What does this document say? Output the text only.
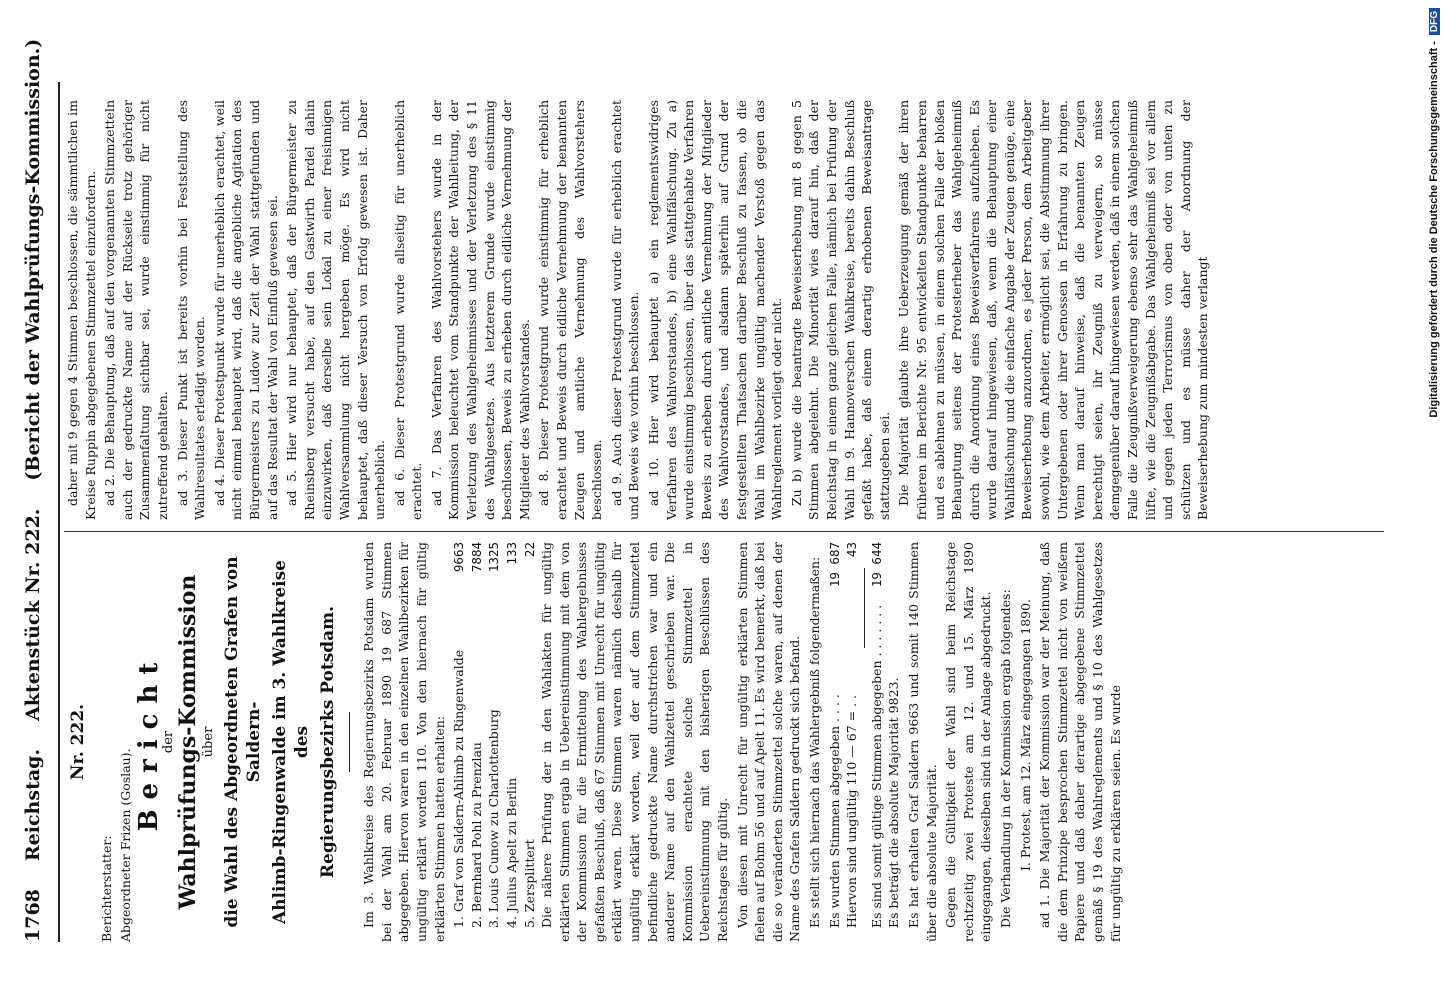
1768
Reichstag.
Aktenstück Nr. 222.
(Bericht der Wahlprüfungs-Kommission.)
Nr. 222.
Berichterstatter: Abgeordneter Frizen (Goslau).
Bericht
der
Wahlprüfungs-Kommission über die Wahl des Abgeordneten Grafen von Saldern- Ahlimb-Ringenwalde im 3. Wahlkreise des Regierungsbezirks Potsdam. Im 3. Wahlkreise des Regierungsbezirks Potsdam wurden bei der Wahl am 20. Februar 1890 19 687 Stimmen abgegeben. Hiervon waren in den einzelnen Wahlbezirken für ungültig erklärt worden 110. Von den hiernach für gültig erklärten Stimmen hatten erhalten: 1. Graf von Saldern-Ahlimb zu Ringenwalde
9663
2. Bernhard Pohl zu Prenzlau
7884
3. Louis Cunow zu Charlottenburg
1325
4. Julius Apelt zu Berlin
133
5. Zersplittert
22 Die nähere Prüfung der in den Wahlakten für ungültig erklärten Stimmen ergab in Uebereinstimmung mit dem von der Kommission für die Ermittelung des Wahlergebnisses gefaßten Beschluß, daß 67 Stimmen mit Unrecht für ungültig erklärt waren. Diese Stimmen waren nämlich deshalb für ungültig erklärt worden, weil der auf dem Stimmzettel befindliche gedruckte Name durchstrichen war und ein anderer Name auf den Wahlzettel geschrieben war. Die Kommission erachtete solche Stimmzettel in Uebereinstimmung mit den bisherigen Beschlüssen des Reichstages für gültig. Von diesen mit Unrecht für ungültig erklärten Stimmen fielen auf Bohm 56 und auf Apelt 11. Es wird bemerkt, daß bei die so veränderten Stimmzettel solche waren, auf denen der Name des Grafen Saldern gedruckt sich befand. Es stellt sich hiernach das Wahlergebniß folgendermaßen: Es wurden Stimmen abgegeben . . . .
19 687
Hiervon sind ungültig 110 — 67 = . .
43
Es sind somit gültige Stimmen abgegeben . . . . . . .
19 644

Es beträgt die absolute Majorität 9823. Es hat erhalten Graf Saldern 9663 und somit 140 Stimmen über die absolute Majorität. Gegen die Gültigkeit der Wahl sind beim Reichstage rechtzeitig zwei Proteste am 12. und 15. März 1890 eingegangen, dieselben sind in der Anlage abgedruckt. Die Verhandlung in der Kommission ergab folgendes: I. Protest, am 12. März eingegangen 1890. ad 1. Die Majorität der Kommission war der Meinung, daß die dem Prinzipe besprochen Stimmzettel nicht von weißem Papiere und daß daher derartige abgegebene Stimmzettel gemäß § 19 des Wahlreglements und § 10 des Wahlgesetzes für ungültig zu erklären seien. Es wurde

daher mit 9 gegen 4 Stimmen beschlossen, die sämmtlichen im Kreise Ruppin abgegebenen Stimmzettel einzufordern. ad 2. Die Behauptung, daß auf den vorgenannten Stimmzetteln auch der gedruckte Name auf der Rückseite trotz gehöriger Zusammenfaltung sichtbar sei, wurde einstimmig für nicht zutreffend gehalten. ad 3. Dieser Punkt ist bereits vorhin bei Feststellung des Wahlresultates erledigt worden. ad 4. Dieser Protestpunkt wurde für unerheblich erachtet, weil nicht einmal behauptet wird, daß die angebliche Agitation des Bürgermeisters zu Ludow zur Zeit der Wahl stattgefunden und auf das Resultat der Wahl von Einfluß gewesen sei. ad 5. Hier wird nur behauptet, daß der Bürgermeister zu Rheinsberg versucht habe, auf den Gastwirth Pardel dahin einzuwirken, daß derselbe sein Lokal zu einer freisinnigen Wahlversammlung nicht hergeben möge. Es wird nicht behauptet, daß dieser Versuch von Erfolg gewesen ist. Daher unerheblich. ad 6. Dieser Protestgrund wurde allseitig für unerheblich erachtet. ad 7. Das Verfahren des Wahlvorstehers wurde in der Kommission beleuchtet vom Standpunkte der Wahlleitung, der Verletzung des Wahlgeheimnisses und der Verletzung des § 11 des Wahlgesetzes. Aus letzterem Grunde wurde einstimmig beschlossen, Beweis zu erheben durch eidliche Vernehmung der Mitglieder des Wahlvorstandes. ad 8. Dieser Protestgrund wurde einstimmig für erheblich erachtet und Beweis durch eidliche Vernehmung der benannten Zeugen und amtliche Vernehmung des Wahlvorstehers beschlossen. ad 9. Auch dieser Protestgrund wurde für erheblich erachtet und Beweis wie vorhin beschlossen. ad 10. Hier wird behauptet a) ein reglementswidriges Verfahren des Wahlvorstandes, b) eine Wahlfälschung. Zu a) wurde einstimmig beschlossen, über das stattgehabte Verfahren Beweis zu erheben durch amtliche Vernehmung der Mitglieder des Wahlvorstandes, und alsdann späterhin auf Grund der festgestellten Thatsachen darüber Beschluß zu fassen, ob die Wahl im Wahlbezirke ungültig machender Verstoß gegen das Wahlreglement vorliegt oder nicht. Zu b) wurde die beantragte Beweiserhebung mit 8 gegen 5 Stimmen abgelehnt. Die Minorität wies darauf hin, daß der Reichstag in einem ganz gleichen Falle, nämlich bei Prüfung der Wahl im 9. Hannoverschen Wahlkreise, bereits dahin Beschluß gefaßt habe, daß einem derartig erhobenen Beweisantrage stattzugeben sei. Die Majorität glaubte ihre Ueberzeugung gemäß der ihren früheren im Berichte Nr. 95 entwickelten Standpunkte beharren und es ablehnen zu müssen, in einem solchen Falle der bloßen Behauptung seitens der Protesterheber das Wahlgeheimniß durch die Anordnung eines Beweisverfahrens aufzuheben. Es wurde darauf hingewiesen, daß, wenn die Behauptung einer Wahlfälschung und die einfache Angabe der Zeugen genüge, eine Beweiserhebung anzuordnen, es jeder Person, dem Arbeitgeber sowohl, wie dem Arbeiter, ermöglicht sei, die Abstimmung ihrer Untergebenen oder ihrer Genossen in Erfahrung zu bringen. Wenn man darauf hinweise, daß die benannten Zeugen berechtigt seien, ihr Zeugniß zu verweigern, so müsse demgegenüber darauf hingewiesen werden, daß in einem solchen Falle die Zeugnißverweigerung ebenso sehr das Wahlgeheimniß lüfte, wie die Zeugnißabgabe. Das Wahlgeheimniß sei vor allem und gegen jeden Terrorismus von oben oder von unten zu schützen und es müsse daher der Anordnung der Beweiserhebung zum mindesten verlangt	Digitalisierung gefördert durch die Deutsche Forschungsgemeinschaft -
DFG
